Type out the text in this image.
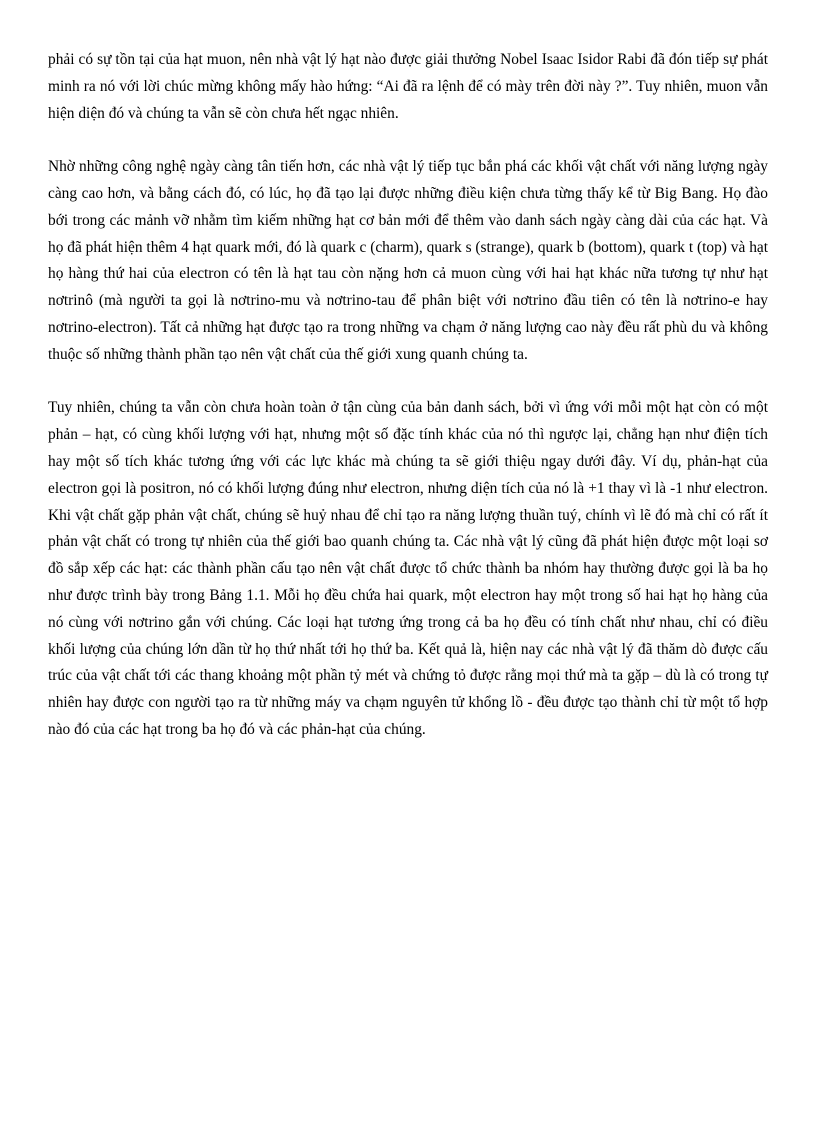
phải có sự tồn tại của hạt muon, nên nhà vật lý hạt nào được giải thưởng Nobel Isaac Isidor Rabi đã đón tiếp sự phát minh ra nó với lời chúc mừng không mấy hào hứng: “Ai đã ra lệnh để có mày trên đời này ?”. Tuy nhiên, muon vẫn hiện diện đó và chúng ta vẫn sẽ còn chưa hết ngạc nhiên.

Nhờ những công nghệ ngày càng tân tiến hơn, các nhà vật lý tiếp tục bắn phá các khối vật chất với năng lượng ngày càng cao hơn, và bằng cách đó, có lúc, họ đã tạo lại được những điều kiện chưa từng thấy kể từ Big Bang. Họ đào bới trong các mảnh vỡ nhằm tìm kiếm những hạt cơ bản mới để thêm vào danh sách ngày càng dài của các hạt. Và họ đã phát hiện thêm 4 hạt quark mới, đó là quark c (charm), quark s (strange), quark b (bottom), quark t (top) và hạt họ hàng thứ hai của electron có tên là hạt tau còn nặng hơn cả muon cùng với hai hạt khác nữa tương tự như hạt nơtrinô (mà người ta gọi là nơtrino-mu và nơtrino-tau để phân biệt với nơtrino đầu tiên có tên là nơtrino-e hay nơtrino-electron). Tất cả những hạt được tạo ra trong những va chạm ở năng lượng cao này đều rất phù du và không thuộc số những thành phần tạo nên vật chất của thế giới xung quanh chúng ta.

Tuy nhiên, chúng ta vẫn còn chưa hoàn toàn ở tận cùng của bản danh sách, bởi vì ứng với mỗi một hạt còn có một phản – hạt, có cùng khối lượng với hạt, nhưng một số đặc tính khác của nó thì ngược lại, chẳng hạn như điện tích hay một số tích khác tương ứng với các lực khác mà chúng ta sẽ giới thiệu ngay dưới đây. Ví dụ, phản-hạt của electron gọi là positron, nó có khối lượng đúng như electron, nhưng diện tích của nó là +1 thay vì là -1 như electron. Khi vật chất gặp phản vật chất, chúng sẽ huỷ nhau để chỉ tạo ra năng lượng thuần tuý, chính vì lẽ đó mà chỉ có rất ít phản vật chất có trong tự nhiên của thế giới bao quanh chúng ta. Các nhà vật lý cũng đã phát hiện được một loại sơ đồ sắp xếp các hạt: các thành phần cấu tạo nên vật chất được tổ chức thành ba nhóm hay thường được gọi là ba họ như được trình bày trong Bảng 1.1. Mỗi họ đều chứa hai quark, một electron hay một trong số hai hạt họ hàng của nó cùng với nơtrino gắn với chúng. Các loại hạt tương ứng trong cả ba họ đều có tính chất như nhau, chỉ có điều khối lượng của chúng lớn dần từ họ thứ nhất tới họ thứ ba. Kết quả là, hiện nay các nhà vật lý đã thăm dò được cấu trúc của vật chất tới các thang khoảng một phần tỷ mét và chứng tỏ được rằng mọi thứ mà ta gặp – dù là có trong tự nhiên hay được con người tạo ra từ những máy va chạm nguyên tử khổng lồ - đều được tạo thành chỉ từ một tổ hợp nào đó của các hạt trong ba họ đó và các phản-hạt của chúng.
